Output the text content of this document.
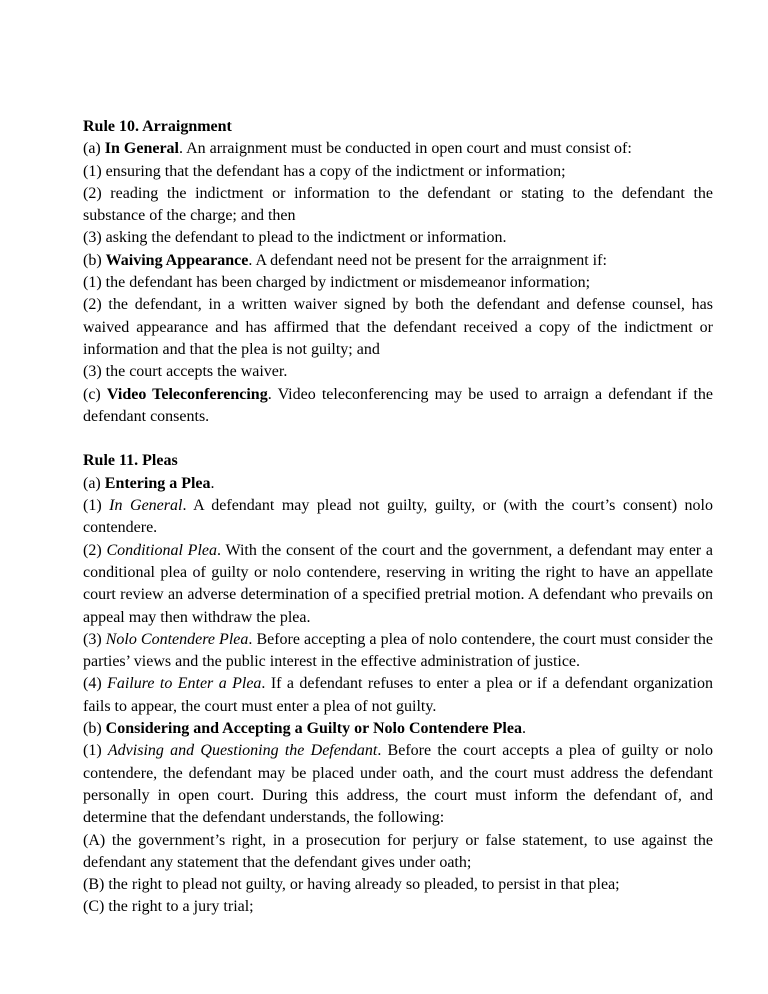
Rule 10. Arraignment

(a) In General. An arraignment must be conducted in open court and must consist of:

(1) ensuring that the defendant has a copy of the indictment or information;

(2) reading the indictment or information to the defendant or stating to the defendant the substance of the charge; and then

(3) asking the defendant to plead to the indictment or information.

(b) Waiving Appearance. A defendant need not be present for the arraignment if:

(1) the defendant has been charged by indictment or misdemeanor information;

(2) the defendant, in a written waiver signed by both the defendant and defense counsel, has waived appearance and has affirmed that the defendant received a copy of the indictment or information and that the plea is not guilty; and

(3) the court accepts the waiver.

(c) Video Teleconferencing. Video teleconferencing may be used to arraign a defendant if the defendant consents.

Rule 11. Pleas

(a) Entering a Plea.

(1) In General. A defendant may plead not guilty, guilty, or (with the court’s consent) nolo contendere.

(2) Conditional Plea. With the consent of the court and the government, a defendant may enter a conditional plea of guilty or nolo contendere, reserving in writing the right to have an appellate court review an adverse determination of a specified pretrial motion. A defendant who prevails on appeal may then withdraw the plea.

(3) Nolo Contendere Plea. Before accepting a plea of nolo contendere, the court must consider the parties’ views and the public interest in the effective administration of justice.

(4) Failure to Enter a Plea. If a defendant refuses to enter a plea or if a defendant organization fails to appear, the court must enter a plea of not guilty.

(b) Considering and Accepting a Guilty or Nolo Contendere Plea.

(1) Advising and Questioning the Defendant. Before the court accepts a plea of guilty or nolo contendere, the defendant may be placed under oath, and the court must address the defendant personally in open court. During this address, the court must inform the defendant of, and determine that the defendant understands, the following:

(A) the government’s right, in a prosecution for perjury or false statement, to use against the defendant any statement that the defendant gives under oath;

(B) the right to plead not guilty, or having already so pleaded, to persist in that plea;

(C) the right to a jury trial;
